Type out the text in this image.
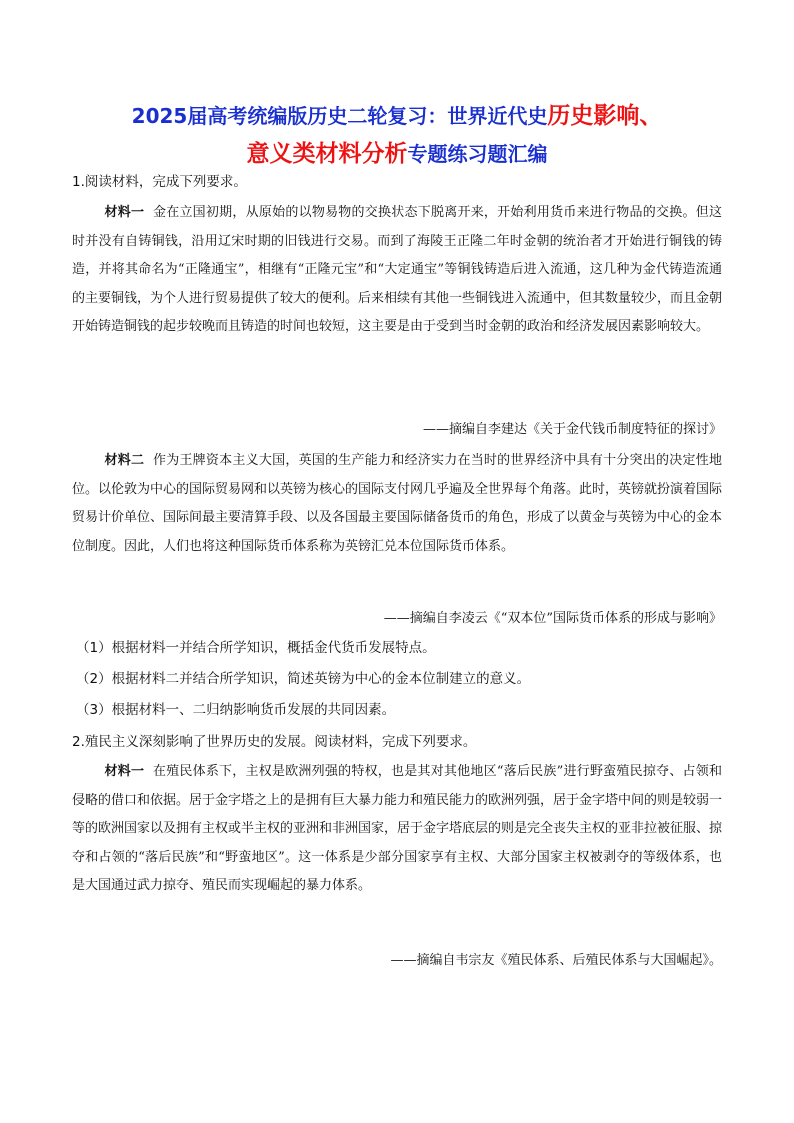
2025届高考统编版历史二轮复习：世界近代史历史影响、
意义类材料分析专题练习题汇编
1.阅读材料，完成下列要求。

材料一 金在立国初期，从原始的以物易物的交换状态下脱离开来，开始利用货币来进行物品的交换。但这时并没有自铸铜钱，沿用辽宋时期的旧钱进行交易。而到了海陵王正隆二年时金朝的统治者才开始进行铜钱的铸造，并将其命名为“正隆通宝”，相继有“正隆元宝”和“大定通宝”等铜钱铸造后进入流通，这几种为金代铸造流通的主要铜钱，为个人进行贸易提供了较大的便利。后来相续有其他一些铜钱进入流通中，但其数量较少，而且金朝开始铸造铜钱的起步较晚而且铸造的时间也较短，这主要是由于受到当时金朝的政治和经济发展因素影响较大。

——摘编自李建达《关于金代钱币制度特征的探讨》

材料二 作为王牌资本主义大国，英国的生产能力和经济实力在当时的世界经济中具有十分突出的决定性地位。以伦敦为中心的国际贸易网和以英镑为核心的国际支付网几乎遍及全世界每个角落。此时，英镑就扮演着国际贸易计价单位、国际间最主要清算手段、以及各国最主要国际储备货币的角色，形成了以黄金与英镑为中心的金本位制度。因此，人们也将这种国际货币体系称为英镑汇兑本位国际货币体系。

——摘编自李凌云《“双本位”国际货币体系的形成与影响》
（1）根据材料一并结合所学知识，概括金代货币发展特点。
（2）根据材料二并结合所学知识，简述英镑为中心的金本位制建立的意义。
（3）根据材料一、二归纳影响货币发展的共同因素。
2.殖民主义深刻影响了世界历史的发展。阅读材料，完成下列要求。

材料一 在殖民体系下，主权是欧洲列强的特权，也是其对其他地区“落后民族”进行野蛮殖民掠夺、占领和侵略的借口和依据。居于金字塔之上的是拥有巨大暴力能力和殖民能力的欧洲列强，居于金字塔中间的则是较弱一等的欧洲国家以及拥有主权或半主权的亚洲和非洲国家，居于金字塔底层的则是完全丧失主权的亚非拉被征服、掠夺和占领的“落后民族”和“野蛮地区”。这一体系是少部分国家享有主权、大部分国家主权被剥夺的等级体系，也是大国通过武力掠夺、殖民而实现崛起的暴力体系。

——摘编自韦宗友《殖民体系、后殖民体系与大国崛起》。
